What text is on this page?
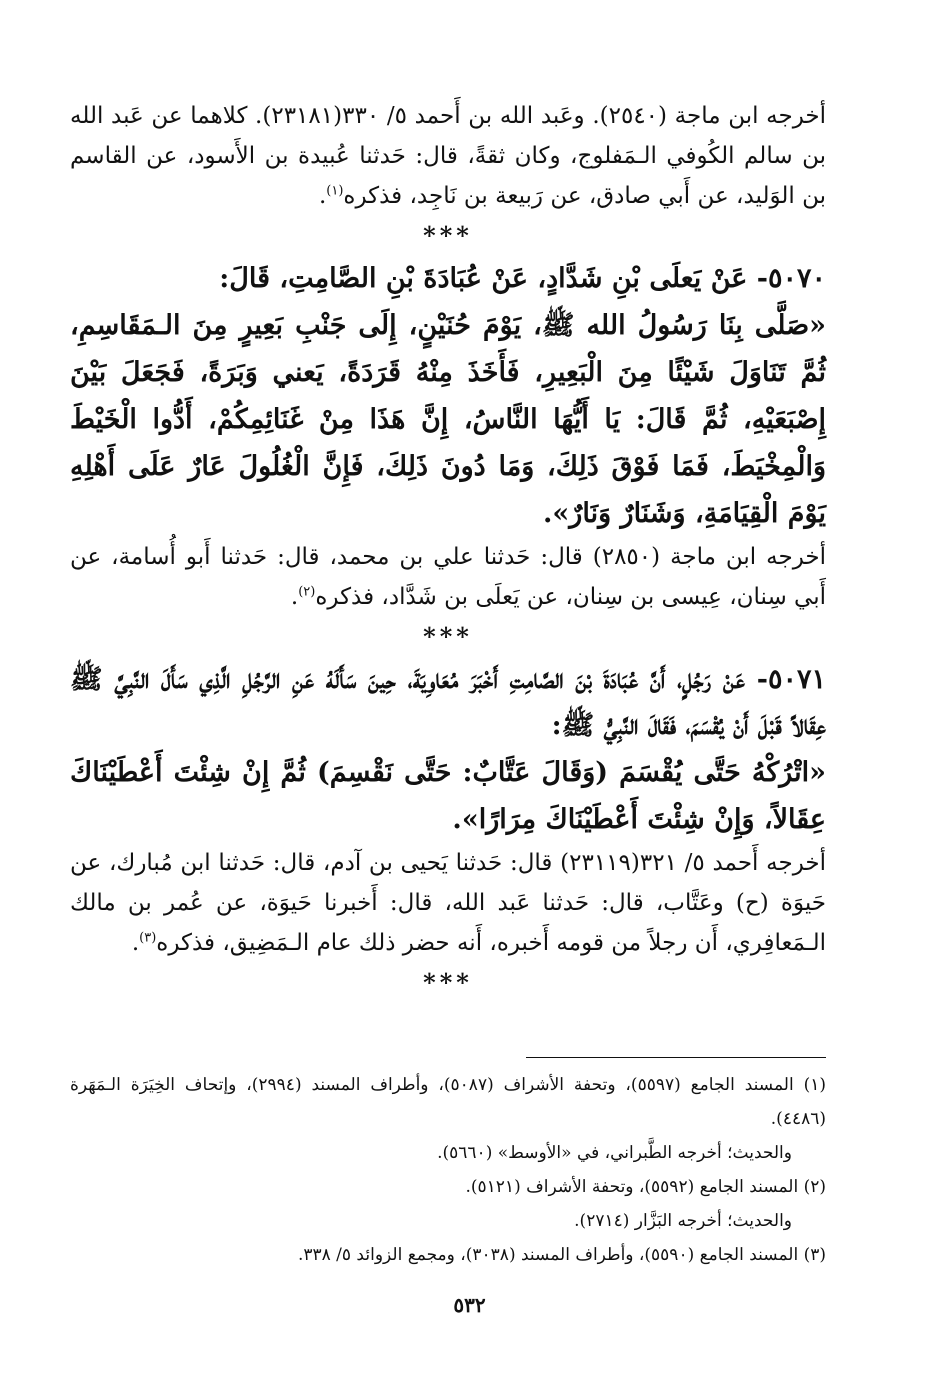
أخرجه ابن ماجة (٢٥٤٠). وعَبد الله بن أَحمد ٥/ ٣٣٠(٢٣١٨١). كلاهما عن عَبد الله بن سالم الكُوفي الـمَفلوج، وكان ثقةً، قال: حَدثنا عُبيدة بن الأَسود، عن القاسم بن الوَليد، عن أَبي صادق، عن رَبيعة بن نَاجِد، فذكره$^{(١)}$.

***

٥٠٧٠- عَنْ يَعلَى بْنِ شَدَّادٍ، عَنْ عُبَادَةَ بْنِ الصَّامِتِ، قَالَ:

«صَلَّى بِنَا رَسُولُ الله ﷺ، يَوْمَ حُنَيْنٍ، إِلَى جَنْبِ بَعِيرٍ مِنَ الـمَقَاسِمِ، ثُمَّ تَنَاوَلَ شَيْئًا مِنَ الْبَعِيرِ، فَأَخَذَ مِنْهُ قَرَدَةً، يَعني وَبَرَةً، فَجَعَلَ بَيْنَ إِصْبَعَيْهِ، ثُمَّ قَالَ: يَا أَيُّهَا النَّاسُ، إِنَّ هَذَا مِنْ غَنَائِمِكُمْ، أَدُّوا الْخَيْطَ وَالْمِخْيَطَ، فَمَا فَوْقَ ذَلِكَ، وَمَا دُونَ ذَلِكَ، فَإِنَّ الْغُلُولَ عَارٌ عَلَى أَهْلِهِ يَوْمَ الْقِيَامَةِ، وَشَنَارٌ وَنَارٌ».

أخرجه ابن ماجة (٢٨٥٠) قال: حَدثنا علي بن محمد، قال: حَدثنا أَبو أُسامة، عن أَبي سِنان، عِيسى بن سِنان، عن يَعلَى بن شَدَّاد، فذكره$^{(٢)}$.

***

٥٠٧١- عَنْ رَجُلٍ، أَنَّ عُبَادَةَ بْنَ الصَّامِتِ أَخْبَرَ مُعَاوِيَةَ، حِينَ سَأَلَهُ عَنِ الرَّجُلِ الَّذِي سَأَلَ النَّبِيَّ ﷺ عِقَالاً قَبْلَ أَنْ يُقْسَمَ، فَقَالَ النَّبِيُّ ﷺ:

«اتْرُكْهُ حَتَّى يُقْسَمَ (وَقَالَ عَتَّابٌ: حَتَّى نَقْسِمَ) ثُمَّ إِنْ شِئْتَ أَعْطَيْنَاكَ عِقَالاً، وَإِنْ شِئْتَ أَعْطَيْنَاكَ مِرَارًا».

أخرجه أَحمد ٥/ ٣٢١(٢٣١١٩) قال: حَدثنا يَحيى بن آدم، قال: حَدثنا ابن مُبارك، عن حَيوَة (ح) وعَتَّاب، قال: حَدثنا عَبد الله، قال: أَخبرنا حَيوَة، عن عُمر بن مالك الـمَعافِري، أَن رجلاً من قومه أَخبره، أَنه حضر ذلك عام الـمَضِيق، فذكره$^{(٣)}$.

***

(١) المسند الجامع (٥٥٩٧)، وتحفة الأشراف (٥٠٨٧)، وأطراف المسند (٢٩٩٤)، وإتحاف الخِيَرَة الـمَهَرة (٤٤٨٦).

والحديث؛ أخرجه الطَّبراني، في «الأوسط» (٥٦٦٠).

(٢) المسند الجامع (٥٥٩٢)، وتحفة الأشراف (٥١٢١).

والحديث؛ أخرجه البَزَّار (٢٧١٤).

(٣) المسند الجامع (٥٥٩٠)، وأطراف المسند (٣٠٣٨)، ومجمع الزوائد ٥/ ٣٣٨.

٥٣٢
